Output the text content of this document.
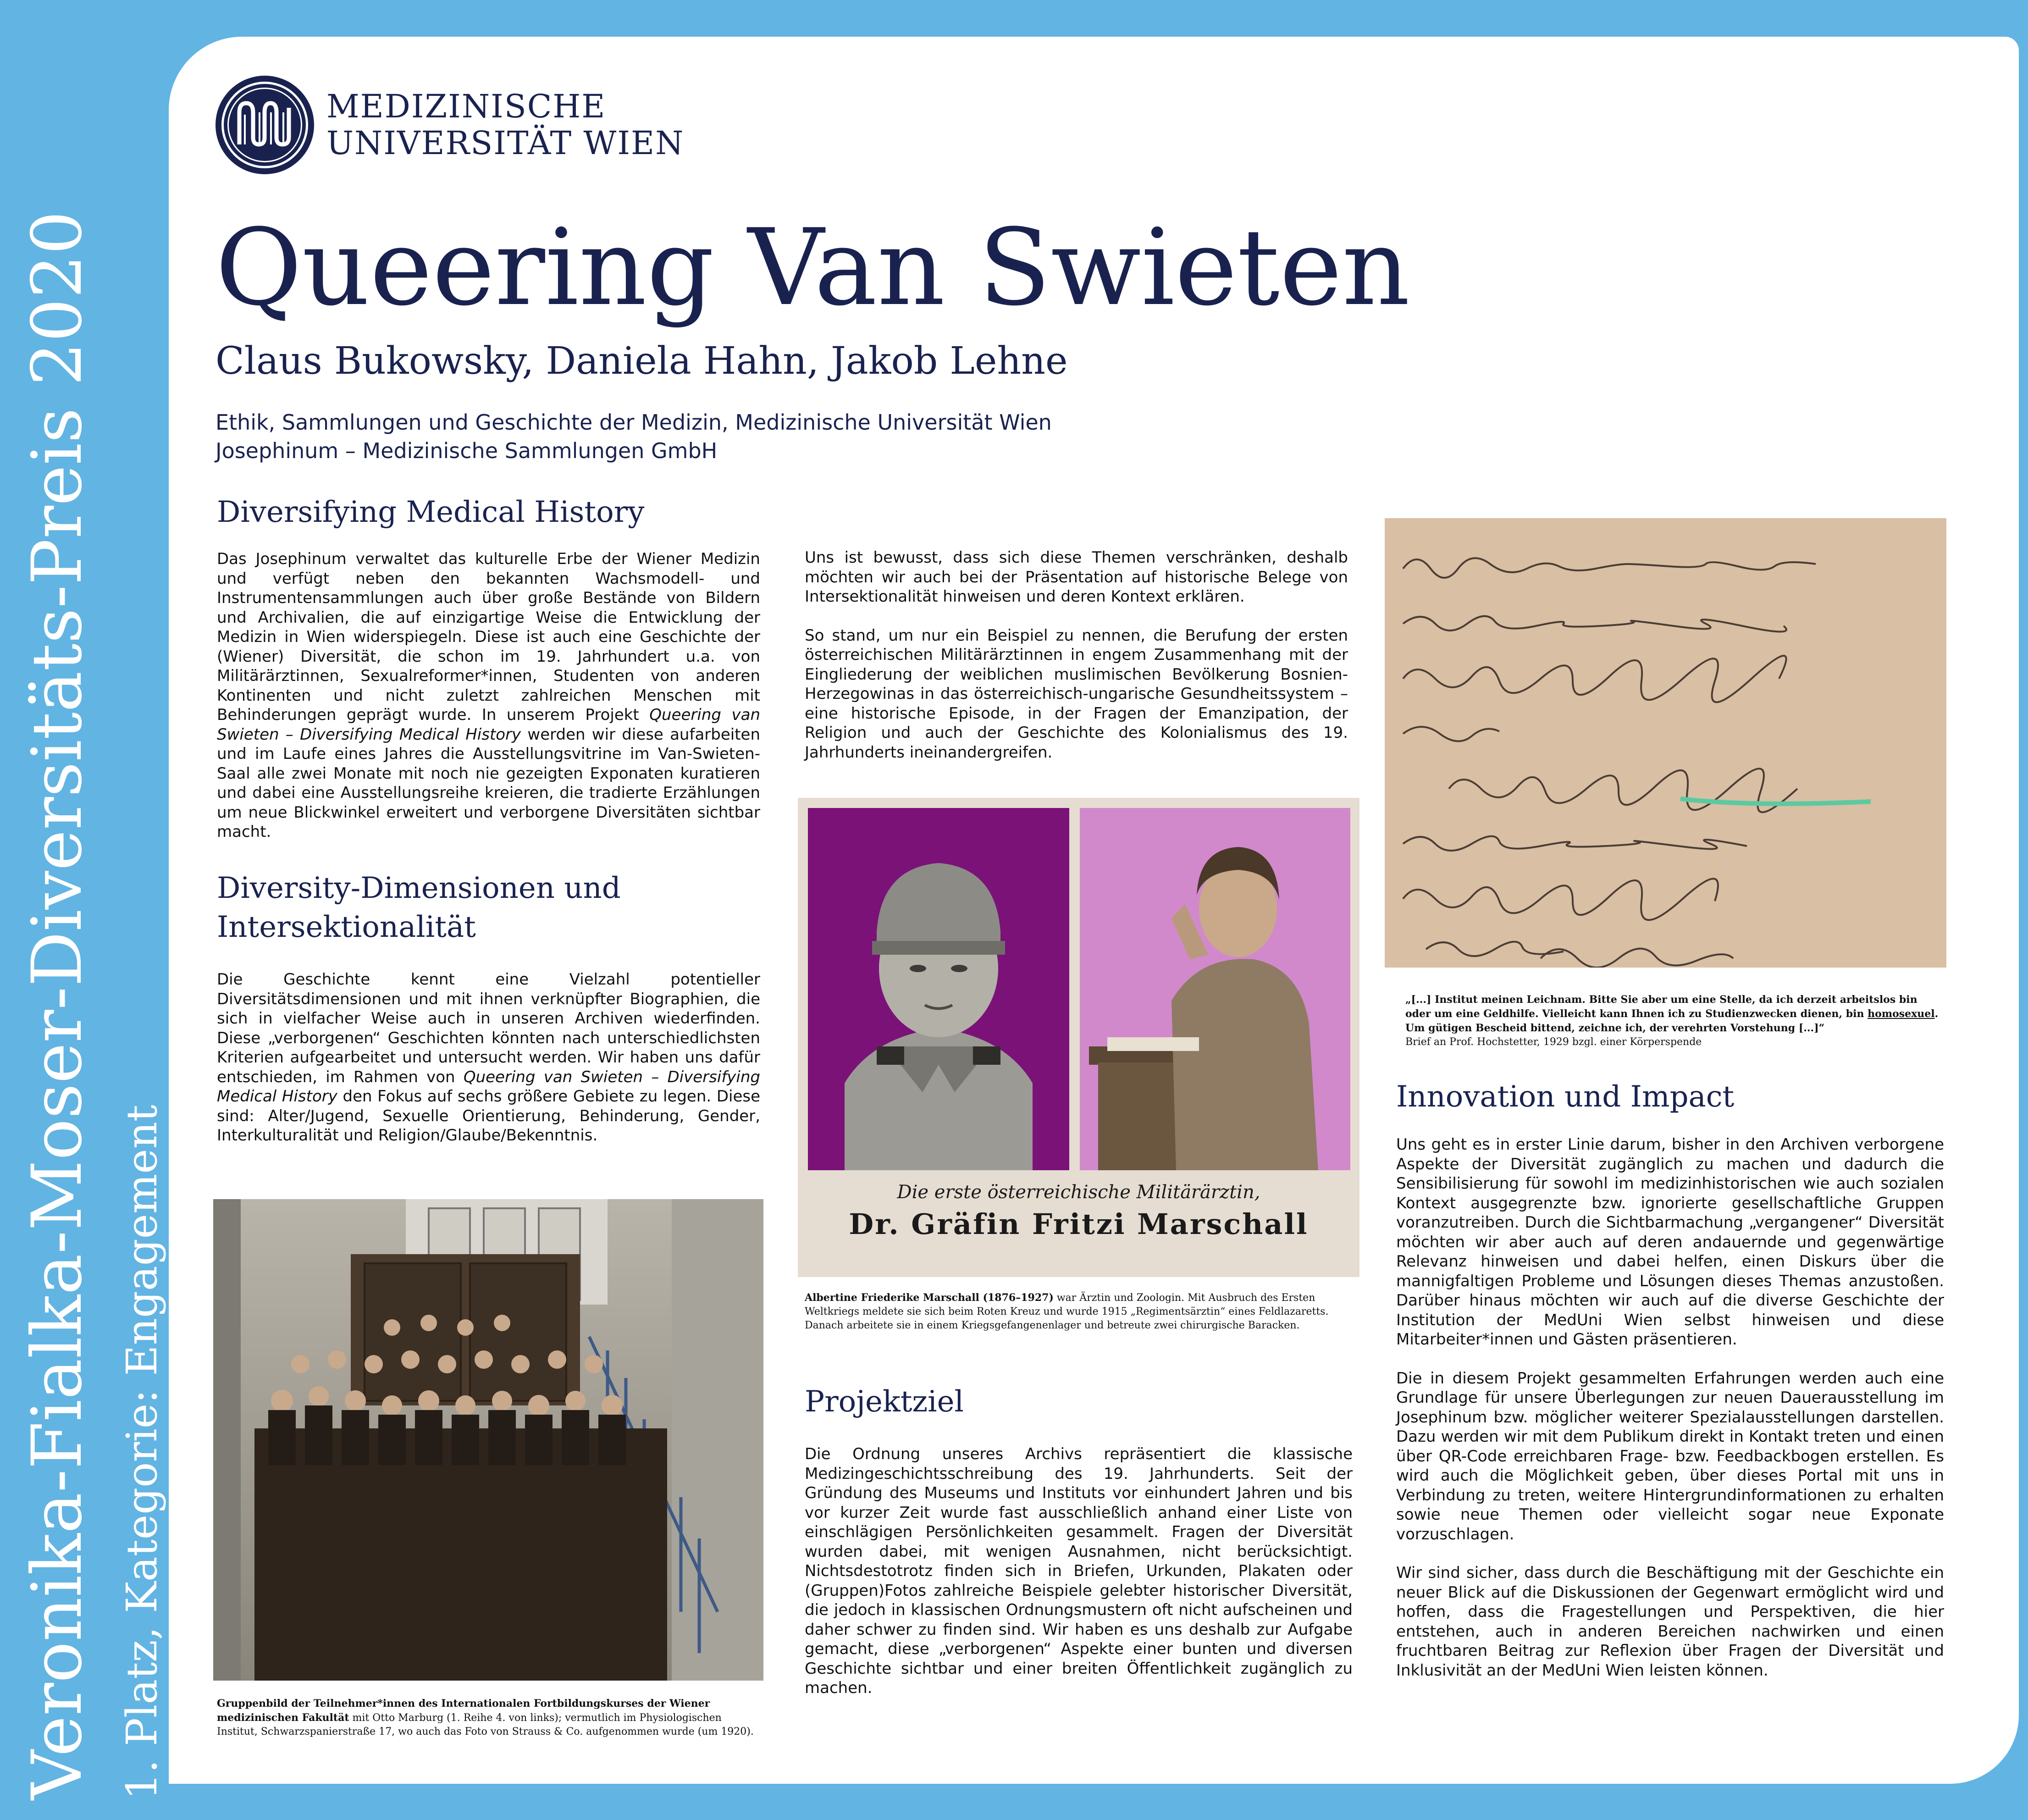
Veronika-Fialka-Moser-Diversitäts-Preis 2020 1. Platz, Kategorie: Engagement
MEDIZINISCHE
UNIVERSITÄT WIEN
Queering Van Swieten
Claus Bukowsky, Daniela Hahn, Jakob Lehne
Ethik, Sammlungen und Geschichte der Medizin, Medizinische Universität Wien
Josephinum – Medizinische Sammlungen GmbH
Diversifying Medical History

Das Josephinum verwaltet das kulturelle Erbe der Wiener Medizin und verfügt neben den bekannten Wachsmodell- und Instrumentensammlungen auch über große Bestände von Bildern und Archivalien, die auf einzigartige Weise die Entwicklung der Medizin in Wien widerspiegeln. Diese ist auch eine Geschichte der (Wiener) Diversität, die schon im 19. Jahrhundert u.a. von Militärärztinnen, Sexualreformer*innen, Studenten von anderen Kontinenten und nicht zuletzt zahlreichen Menschen mit Behinderungen geprägt wurde. In unserem Projekt Queering van Swieten – Diversifying Medical History werden wir diese aufarbeiten und im Laufe eines Jahres die Ausstellungsvitrine im Van-Swieten-Saal alle zwei Monate mit noch nie gezeigten Exponaten kuratieren und dabei eine Ausstellungsreihe kreieren, die tradierte Erzählungen um neue Blickwinkel erweitert und verborgene Diversitäten sichtbar macht.

Diversity-Dimensionen und
Intersektionalität

Die Geschichte kennt eine Vielzahl potentieller Diversitätsdimensionen und mit ihnen verknüpfter Biographien, die sich in vielfacher Weise auch in unseren Archiven wiederfinden. Diese „verborgenen“ Geschichten könnten nach unterschiedlichsten Kriterien aufgearbeitet und untersucht werden. Wir haben uns dafür entschieden, im Rahmen von Queering van Swieten – Diversifying Medical History den Fokus auf sechs größere Gebiete zu legen. Diese sind: Alter/Jugend, Sexuelle Orientierung, Behinderung, Gender, Interkulturalität und Religion/Glaube/Bekenntnis.

Gruppenbild der Teilnehmer*innen des Internationalen Fortbildungskurses der Wiener medizinischen Fakultät mit Otto Marburg (1. Reihe 4. von links); vermutlich im Physiologischen Institut, Schwarzspanierstraße 17, wo auch das Foto von Strauss & Co. aufgenommen wurde (um 1920).

Uns ist bewusst, dass sich diese Themen verschränken, deshalb möchten wir auch bei der Präsentation auf historische Belege von Intersektionalität hinweisen und deren Kontext erklären.

So stand, um nur ein Beispiel zu nennen, die Berufung der ersten österreichischen Militärärztinnen in engem Zusammenhang mit der Eingliederung der weiblichen muslimischen Bevölkerung Bosnien-Herzegowinas in das österreichisch-ungarische Gesundheitssystem – eine historische Episode, in der Fragen der Emanzipation, der Religion und auch der Geschichte des Kolonialismus des 19. Jahrhunderts ineinandergreifen.

Die erste österreichische Militärärztin,
Dr. Gräfin Fritzi Marschall
Albertine Friederike Marschall (1876–1927) war Ärztin und Zoologin. Mit Ausbruch des Ersten Weltkriegs meldete sie sich beim Roten Kreuz und wurde 1915 „Regimentsärztin“ eines Feldlazaretts. Danach arbeitete sie in einem Kriegsgefangenenlager und betreute zwei chirurgische Baracken.
Projektziel

Die Ordnung unseres Archivs repräsentiert die klassische Medizingeschichtsschreibung des 19. Jahrhunderts. Seit der Gründung des Museums und Instituts vor einhundert Jahren und bis vor kurzer Zeit wurde fast ausschließlich anhand einer Liste von einschlägigen Persönlichkeiten gesammelt. Fragen der Diversität wurden dabei, mit wenigen Ausnahmen, nicht berücksichtigt. Nichtsdestotrotz finden sich in Briefen, Urkunden, Plakaten oder (Gruppen)Fotos zahlreiche Beispiele gelebter historischer Diversität, die jedoch in klassischen Ordnungsmustern oft nicht aufscheinen und daher schwer zu finden sind. Wir haben es uns deshalb zur Aufgabe gemacht, diese „verborgenen“ Aspekte einer bunten und diversen Geschichte sichtbar und einer breiten Öffentlichkeit zugänglich zu machen.

„[...] Institut meinen Leichnam. Bitte Sie aber um eine Stelle, da ich derzeit arbeitslos bin oder um eine Geldhilfe. Vielleicht kann Ihnen ich zu Studienzwecken dienen, bin homosexuel. Um gütigen Bescheid bittend, zeichne ich, der verehrten Vorstehung [...]“
Brief an Prof. Hochstetter, 1929 bzgl. einer Körperspende
Innovation und Impact

Uns geht es in erster Linie darum, bisher in den Archiven verborgene Aspekte der Diversität zugänglich zu machen und dadurch die Sensibilisierung für sowohl im medizinhistorischen wie auch sozialen Kontext ausgegrenzte bzw. ignorierte gesellschaftliche Gruppen voranzutreiben. Durch die Sichtbarmachung „vergangener“ Diversität möchten wir aber auch auf deren andauernde und gegenwärtige Relevanz hinweisen und dabei helfen, einen Diskurs über die mannigfaltigen Probleme und Lösungen dieses Themas anzustoßen. Darüber hinaus möchten wir auch auf die diverse Geschichte der Institution der MedUni Wien selbst hinweisen und diese Mitarbeiter*innen und Gästen präsentieren.

Die in diesem Projekt gesammelten Erfahrungen werden auch eine Grundlage für unsere Überlegungen zur neuen Dauerausstellung im Josephinum bzw. möglicher weiterer Spezialausstellungen darstellen. Dazu werden wir mit dem Publikum direkt in Kontakt treten und einen über QR-Code erreichbaren Frage- bzw. Feedbackbogen erstellen. Es wird auch die Möglichkeit geben, über dieses Portal mit uns in Verbindung zu treten, weitere Hintergrundinformationen zu erhalten sowie neue Themen oder vielleicht sogar neue Exponate vorzuschlagen.

Wir sind sicher, dass durch die Beschäftigung mit der Geschichte ein neuer Blick auf die Diskussionen der Gegenwart ermöglicht wird und hoffen, dass die Fragestellungen und Perspektiven, die hier entstehen, auch in anderen Bereichen nachwirken und einen fruchtbaren Beitrag zur Reflexion über Fragen der Diversität und Inklusivität an der MedUni Wien leisten können.
